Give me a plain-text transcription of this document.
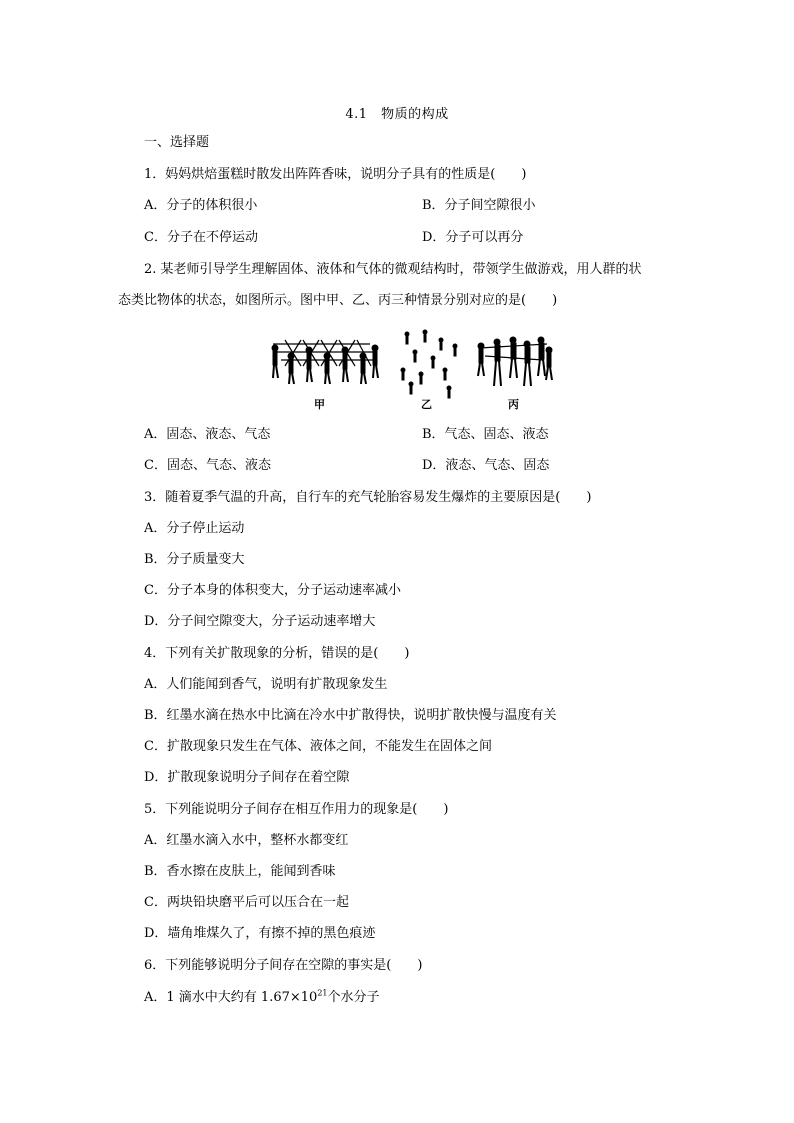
4.1　物质的构成
一、选择题
1．妈妈烘焙蛋糕时散发出阵阵香味，说明分子具有的性质是(　　)
A．分子的体积很小	B．分子间空隙很小
C．分子在不停运动	D．分子可以再分
2. 某老师引导学生理解固体、液体和气体的微观结构时，带领学生做游戏，用人群的状
态类比物体的状态，如图所示。图中甲、乙、丙三种情景分别对应的是(　　)
甲	乙	丙
A．固态、液态、气态	B．气态、固态、液态
C．固态、气态、液态	D．液态、气态、固态
3．随着夏季气温的升高，自行车的充气轮胎容易发生爆炸的主要原因是(　　)
A．分子停止运动
B．分子质量变大
C．分子本身的体积变大，分子运动速率减小
D．分子间空隙变大，分子运动速率增大
4．下列有关扩散现象的分析，错误的是(　　)
A．人们能闻到香气，说明有扩散现象发生
B．红墨水滴在热水中比滴在冷水中扩散得快，说明扩散快慢与温度有关
C．扩散现象只发生在气体、液体之间，不能发生在固体之间
D．扩散现象说明分子间存在着空隙
5．下列能说明分子间存在相互作用力的现象是(　　)
A．红墨水滴入水中，整杯水都变红
B．香水擦在皮肤上，能闻到香味
C．两块铅块磨平后可以压合在一起
D．墙角堆煤久了，有擦不掉的黑色痕迹
6．下列能够说明分子间存在空隙的事实是(　　)
A．1 滴水中大约有 $1.67\times 10^{21}$个水分子
